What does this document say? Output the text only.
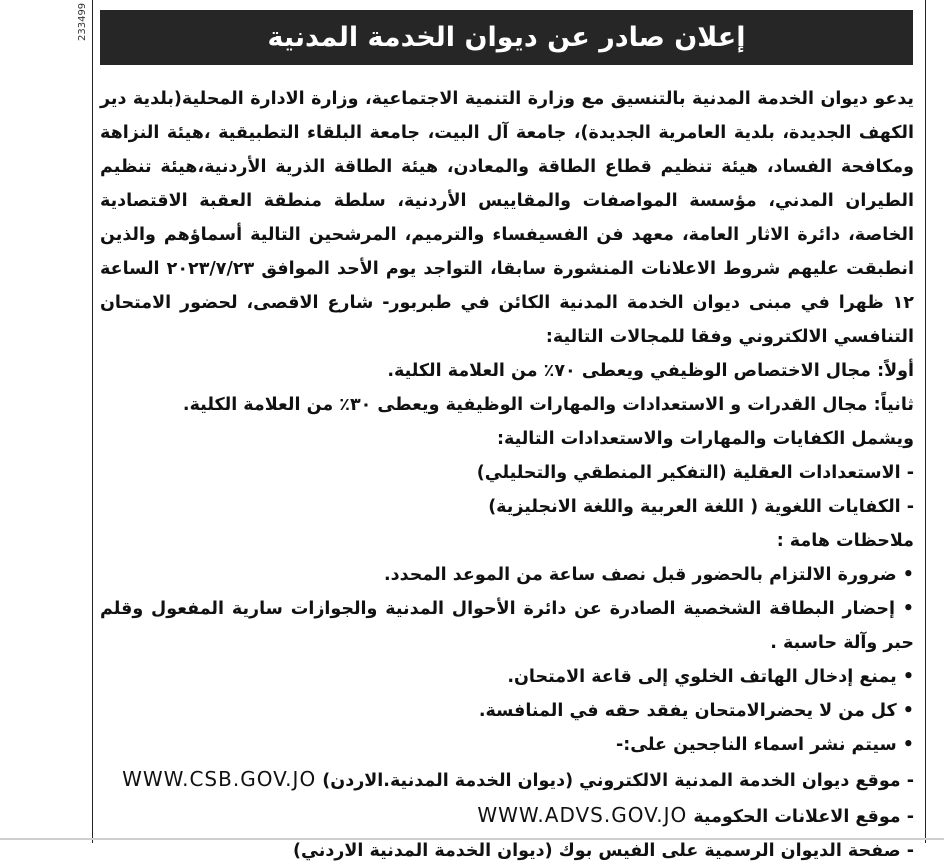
233499	إعلان صادر عن ديوان الخدمة المدنية

يدعو ديوان الخدمة المدنية بالتنسيق مع وزارة التنمية الاجتماعية، وزارة الادارة المحلية(بلدية دير الكهف الجديدة، بلدية العامرية الجديدة)، جامعة آل البيت، جامعة البلقاء التطبيقية ،هيئة النزاهة ومكافحة الفساد، هيئة تنظيم قطاع الطاقة والمعادن، هيئة الطاقة الذرية الأردنية،هيئة تنظيم الطيران المدني، مؤسسة المواصفات والمقاييس الأردنية، سلطة منطقة العقبة الاقتصادية الخاصة، دائرة الاثار العامة، معهد فن الفسيفساء والترميم، المرشحين التالية أسماؤهم والذين انطبقت عليهم شروط الاعلانات المنشورة سابقا، التواجد يوم الأحد الموافق ٢٠٢٣/٧/٢٣ الساعة ١٢ ظهرا في مبنى ديوان الخدمة المدنية الكائن في طبربور- شارع الاقصى، لحضور الامتحان التنافسي الالكتروني وفقا للمجالات التالية:

أولاً: مجال الاختصاص الوظيفي ويعطى ٧٠٪ من العلامة الكلية.
ثانياً: مجال القدرات و الاستعدادات والمهارات الوظيفية ويعطى ٣٠٪ من العلامة الكلية.
ويشمل الكفايات والمهارات والاستعدادات التالية:
- الاستعدادات العقلية (التفكير المنطقي والتحليلي)
- الكفايات اللغوية ( اللغة العربية واللغة الانجليزية)
ملاحظات هامة :
• ضرورة الالتزام بالحضور قبل نصف ساعة من الموعد المحدد.

• إحضار البطاقة الشخصية الصادرة عن دائرة الأحوال المدنية والجوازات سارية المفعول وقلم حبر وآلة حاسبة .

• يمنع إدخال الهاتف الخلوي إلى قاعة الامتحان.
• كل من لا يحضرالامتحان يفقد حقه في المنافسة.
• سيتم نشر اسماء الناجحين على:-
- موقع ديوان الخدمة المدنية الالكتروني (ديوان الخدمة المدنية.الاردن) WWW.CSB.GOV.JO
- موقع الاعلانات الحكومية WWW.ADVS.GOV.JO
- صفحة الديوان الرسمية على الفيس بوك (ديوان الخدمة المدنية الاردني)
